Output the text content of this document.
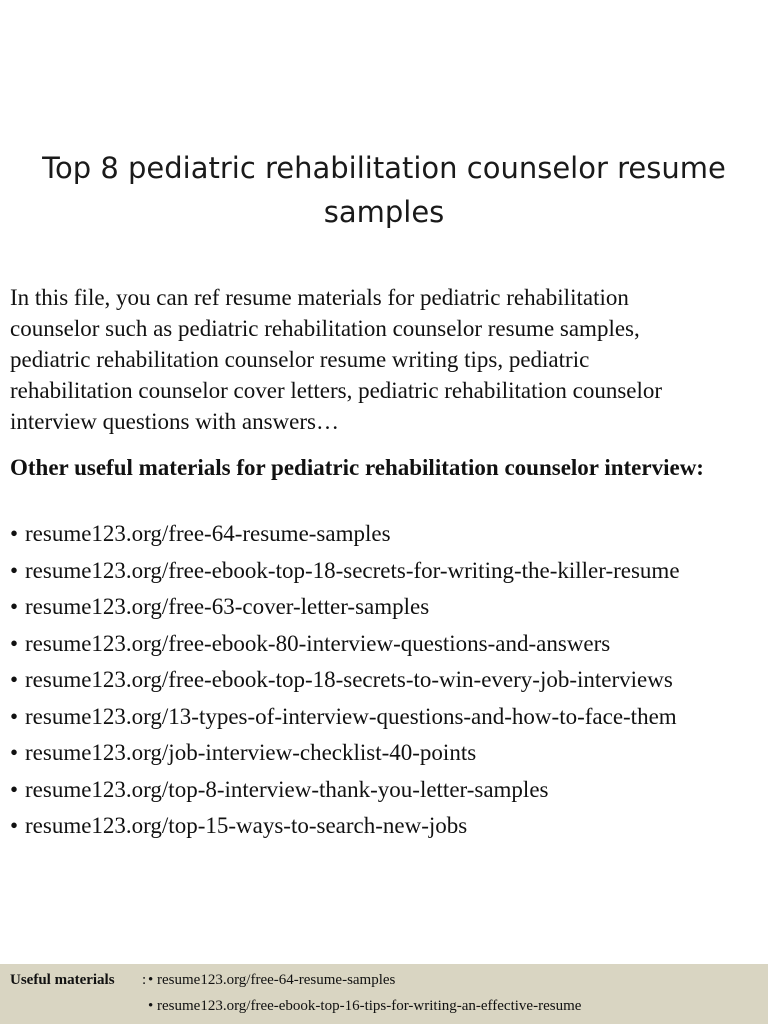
Top 8 pediatric rehabilitation counselor resume
samples

In this file, you can ref resume materials for pediatric rehabilitation
counselor such as pediatric rehabilitation counselor resume samples,
pediatric rehabilitation counselor resume writing tips, pediatric
rehabilitation counselor cover letters, pediatric rehabilitation counselor
interview questions with answers…

Other useful materials for pediatric rehabilitation counselor interview:

• resume123.org/free-64-resume-samples
• resume123.org/free-ebook-top-18-secrets-for-writing-the-killer-resume
• resume123.org/free-63-cover-letter-samples
• resume123.org/free-ebook-80-interview-questions-and-answers
• resume123.org/free-ebook-top-18-secrets-to-win-every-job-interviews
• resume123.org/13-types-of-interview-questions-and-how-to-face-them
• resume123.org/job-interview-checklist-40-points
• resume123.org/top-8-interview-thank-you-letter-samples
• resume123.org/top-15-ways-to-search-new-jobs
Useful materials : • resume123.org/free-64-resume-samples
• resume123.org/free-ebook-top-16-tips-for-writing-an-effective-resume
